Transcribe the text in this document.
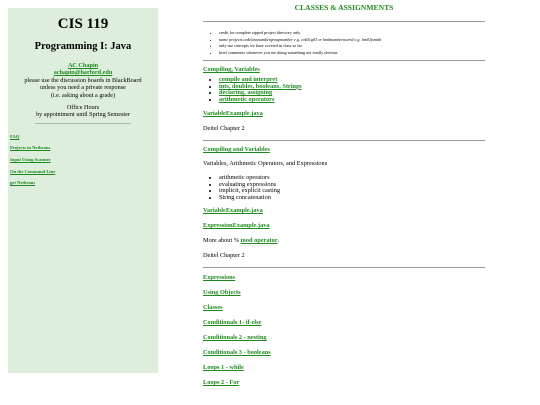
CIS 119
Programming I: Java
AC Chapin
achapin@harford.edu
please use the discussion boards in BlackBoard
unless you need a private response
(i.e. asking about a grade)
Office Hours
by appointment until Spring Semester
FAQ
Projects in Netbeans
Input Using Scanner
On the Command Line
get Netbeans
CLASSES & ASSIGNMENTS
• credit for complete zipped project directory only
• name projects cnkclassnumbergroupnumber e.g. cvk01g03 or lnnknumberuserid e.g. lnn01jsmith
• only use concepts we have covered in class so far
• brief comments whenever you are doing something not totally obvious
Compiling, Variables
• compile and interpret
• ints, doubles, booleans, Strings
• declaring, assigning
• arithmetic operators
VariableExample.java
Deitel Chapter 2
Compiling and Variables
Variables, Arithmetic Operators, and Expressions
• arithmetic operators
• evaluating expressions
• implicit, explicit casting
• String concatenation
VariableExample.java
ExpressionExample.java
More about % mod operator.
Deitel Chapter 2
Expressions
Using Objects
Classes
Conditionals 1- if-else
Conditionals 2 - nesting
Conditionals 3 - booleans
Loops 1 - while
Loops 2 - For
